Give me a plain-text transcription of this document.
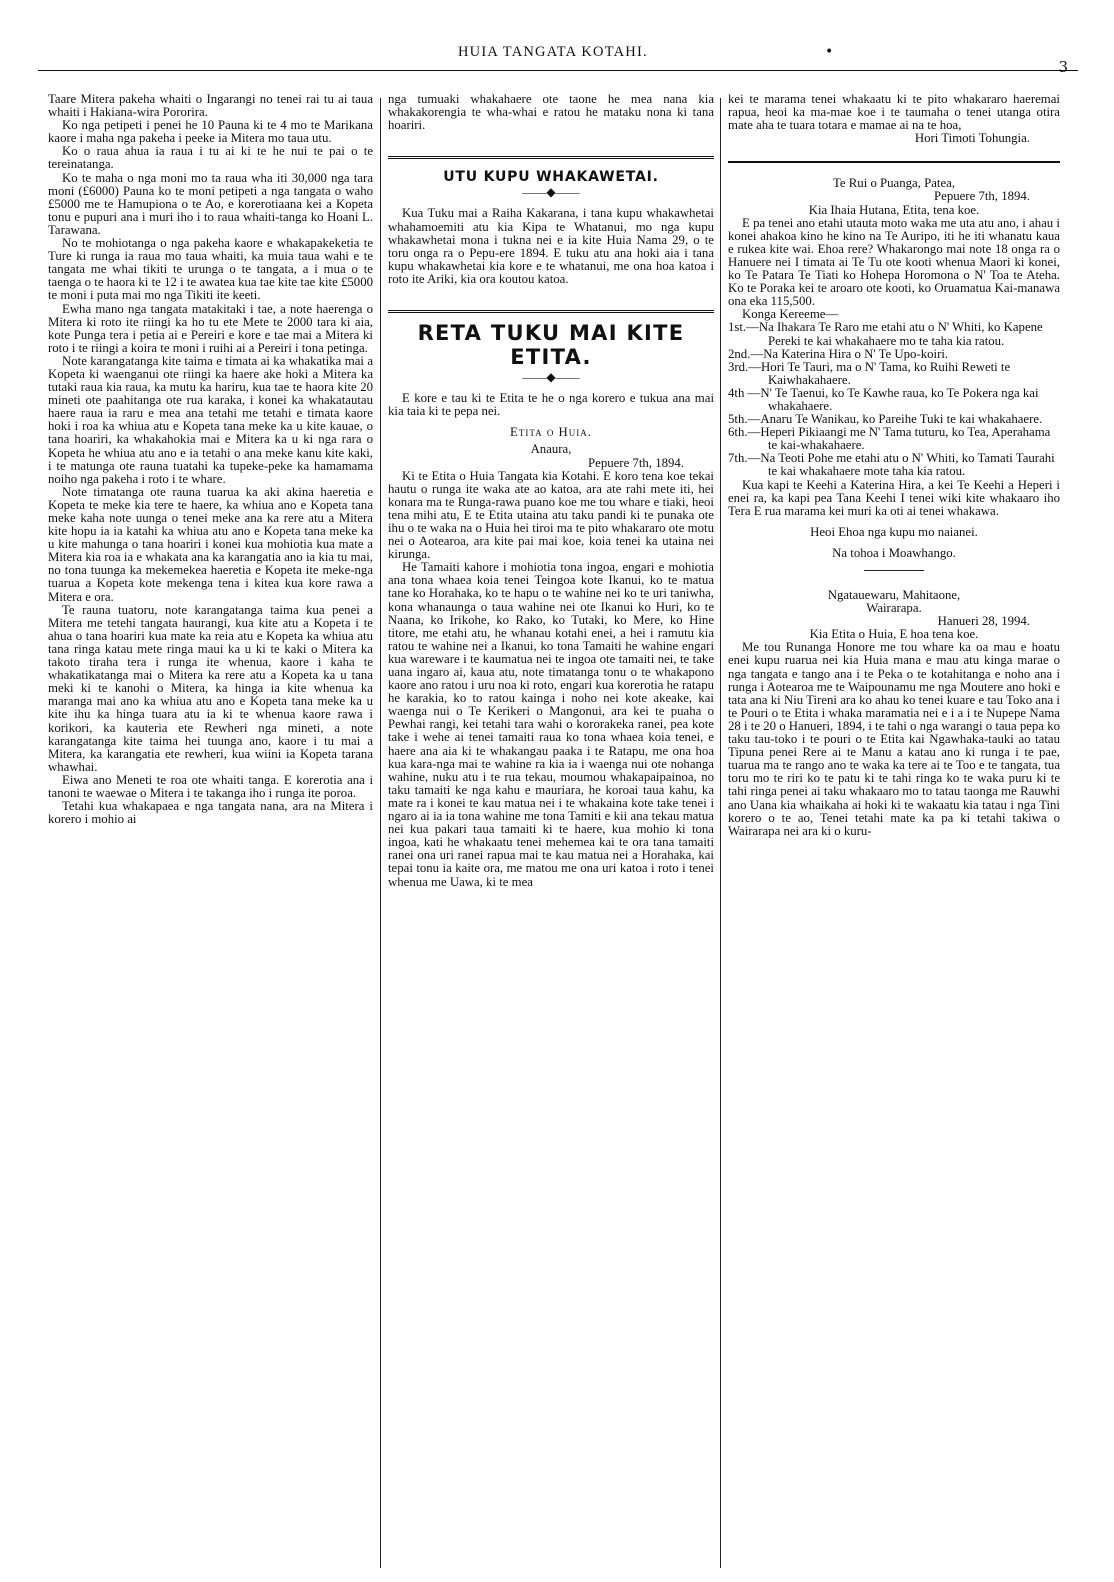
HUIA TANGATA KOTAHI.	•
3

Taare Mitera pakeha whaiti o Ingarangi no tenei rai tu ai taua whaiti i Hakiana-wira Pororira.

Ko nga petipeti i penei he 10 Pauna ki te 4 mo te Marikana kaore i maha nga pakeha i peeke ia Mitera mo taua utu.

Ko o raua ahua ia raua i tu ai ki te he nui te pai o te tereinatanga.

Ko te maha o nga moni mo ta raua wha iti 30,000 nga tara moni (£6000) Pauna ko te moni petipeti a nga tangata o waho £5000 me te Hamupiona o te Ao, e korerotiaana kei a Kopeta tonu e pupuri ana i muri iho i to raua whaiti-tanga ko Hoani L. Tarawana.

No te mohiotanga o nga pakeha kaore e whakapakeketia te Ture ki runga ia raua mo taua whaiti, ka muia taua wahi e te tangata me whai tikiti te urunga o te tangata, a i mua o te taenga o te haora ki te 12 i te awatea kua tae kite tae kite £5000 te moni i puta mai mo nga Tikiti ite keeti.

Ewha mano nga tangata matakitaki i tae, a note haerenga o Mitera ki roto ite riingi ka ho tu ete Mete te 2000 tara ki aia, kote Punga tera i petia ai e Pereiri e kore e tae mai a Mitera ki roto i te riingi a koira te moni i ruihi ai a Pereiri i tona petinga.

Note karangatanga kite taima e timata ai ka whakatika mai a Kopeta ki waenganui ote riingi ka haere ake hoki a Mitera ka tutaki raua kia raua, ka mutu ka hariru, kua tae te haora kite 20 mineti ote paahitanga ote rua karaka, i konei ka whakatautau haere raua ia raru e mea ana tetahi me tetahi e timata kaore hoki i roa ka whiua atu e Kopeta tana meke ka u kite kauae, o tana hoariri, ka whakahokia mai e Mitera ka u ki nga rara o Kopeta he whiua atu ano e ia tetahi o ana meke kanu kite kaki, i te matunga ote rauna tuatahi ka tupeke-peke ka hamamama noiho nga pakeha i roto i te whare.

Note timatanga ote rauna tuarua ka aki akina haeretia e Kopeta te meke kia tere te haere, ka whiua ano e Kopeta tana meke kaha note uunga o tenei meke ana ka rere atu a Mitera kite hopu ia ia katahi ka whiua atu ano e Kopeta tana meke ka u kite mahunga o tana hoariri i konei kua mohiotia kua mate a Mitera kia roa ia e whakata ana ka karangatia ano ia kia tu mai, no tona tuunga ka mekemekea haeretia e Kopeta ite meke-nga tuarua a Kopeta kote mekenga tena i kitea kua kore rawa a Mitera e ora.

Te rauna tuatoru, note karangatanga taima kua penei a Mitera me tetehi tangata haurangi, kua kite atu a Kopeta i te ahua o tana hoariri kua mate ka reia atu e Kopeta ka whiua atu tana ringa katau mete ringa maui ka u ki te kaki o Mitera ka takoto tiraha tera i runga ite whenua, kaore i kaha te whakatikatanga mai o Mitera ka rere atu a Kopeta ka u tana meki ki te kanohi o Mitera, ka hinga ia kite whenua ka maranga mai ano ka whiua atu ano e Kopeta tana meke ka u kite ihu ka hinga tuara atu ia ki te whenua kaore rawa i korikori, ka kauteria ete Rewheri nga mineti, a note karangatanga kite taima hei tuunga ano, kaore i tu mai a Mitera, ka karangatia ete rewheri, kua wiini ia Kopeta tarana whawhai.

Eiwa ano Meneti te roa ote whaiti tanga. E korerotia ana i tanoni te waewae o Mitera i te takanga iho i runga ite poroa.

Tetahi kua whakapaea e nga tangata nana, ara na Mitera i korero i mohio ai

nga tumuaki whakahaere ote taone he mea nana kia whakakorengia te wha-whai e ratou he mataku nona ki tana hoariri.

UTU KUPU WHAKAWETAI.
——◆——

Kua Tuku mai a Raiha Kakarana, i tana kupu whakawhetai whahamoemiti atu kia Kipa te Whatanui, mo nga kupu whakawhetai mona i tukna nei e ia kite Huia Nama 29, o te toru onga ra o Pepu-ere 1894. E tuku atu ana hoki aia i tana kupu whakawhetai kia kore e te whatanui, me ona hoa katoa i roto ite Ariki, kia ora koutou katoa.

RETA TUKU MAI KITE ETITA.
——◆——

E kore e tau ki te Etita te he o nga korero e tukua ana mai kia taia ki te pepa nei.

Etita o Huia.
Anaura,
Pepuere 7th, 1894.

Ki te Etita o Huia Tangata kia Kotahi. E koro tena koe tekai hautu o runga ite waka ate ao katoa, ara ate rahi mete iti, hei konara ma te Runga-rawa puano koe me tou whare e tiaki, heoi tena mihi atu, E te Etita utaina atu taku pandi ki te punaka ote ihu o te waka na o Huia hei tiroi ma te pito whakararo ote motu nei o Aotearoa, ara kite pai mai koe, koia tenei ka utaina nei kirunga.

He Tamaiti kahore i mohiotia tona ingoa, engari e mohiotia ana tona whaea koia tenei Teingoa kote Ikanui, ko te matua tane ko Horahaka, ko te hapu o te wahine nei ko te uri taniwha, kona whanaunga o taua wahine nei ote Ikanui ko Huri, ko te Naana, ko Irikohe, ko Rako, ko Tutaki, ko Mere, ko Hine titore, me etahi atu, he whanau kotahi enei, a hei i ramutu kia ratou te wahine nei a Ikanui, ko tona Tamaiti he wahine engari kua wareware i te kaumatua nei te ingoa ote tamaiti nei, te take uana ingaro ai, kaua atu, note timatanga tonu o te whakapono kaore ano ratou i uru noa ki roto, engari kua korerotia he ratapu he karakia, ko to ratou kainga i noho nei kote akeake, kai waenga nui o Te Kerikeri o Mangonui, ara kei te puaha o Pewhai rangi, kei tetahi tara wahi o kororakeka ranei, pea kote take i wehe ai tenei tamaiti raua ko tona whaea koia tenei, e haere ana aia ki te whakangau paaka i te Ratapu, me ona hoa kua kara-nga mai te wahine ra kia ia i waenga nui ote nohanga wahine, nuku atu i te rua tekau, moumou whakapaipainoa, no taku tamaiti ke nga kahu e mauriara, he koroai taua kahu, ka mate ra i konei te kau matua nei i te whakaina kote take tenei i ngaro ai ia ia tona wahine me tona Tamiti e kii ana tekau matua nei kua pakari taua tamaiti ki te haere, kua mohio ki tona ingoa, kati he whakaatu tenei mehemea kai te ora tana tamaiti ranei ona uri ranei rapua mai te kau matua nei a Horahaka, kai tepai tonu ia kaite ora, me matou me ona uri katoa i roto i tenei whenua me Uawa, ki te mea

kei te marama tenei whakaatu ki te pito whakararo haeremai rapua, heoi ka ma-mae koe i te taumaha o tenei utanga otira mate aha te tuara totara e mamae ai na te hoa,

Hori Timoti Tohungia.
Te Rui o Puanga, Patea,
Pepuere 7th, 1894.
Kia Ihaia Hutana, Etita, tena koe.

E pa tenei ano etahi utauta moto waka me uta atu ano, i ahau i konei ahakoa kino he kino na Te Auripo, iti he iti whanatu kaua e rukea kite wai. Ehoa rere? Whakarongo mai note 18 onga ra o Hanuere nei I timata ai Te Tu ote kooti whenua Maori ki konei, ko Te Patara Te Tiati ko Hohepa Horomona o N' Toa te Ateha. Ko te Poraka kei te aroaro ote kooti, ko Oruamatua Kai-manawa ona eka 115,500.

Konga Kereeme—
1st.—Na Ihakara Te Raro me etahi atu o N' Whiti, ko Kapene Pereki te kai whakahaere mo te taha kia ratou.
2nd.—Na Katerina Hira o N' Te Upo-koiri.
3rd.—Hori Te Tauri, ma o N' Tama, ko Ruihi Reweti te Kaiwhakahaere.
4th —N' Te Taenui, ko Te Kawhe raua, ko Te Pokera nga kai whakahaere.
5th.—Anaru Te Wanikau, ko Pareihe Tuki te kai whakahaere.
6th.—Heperi Pikiaangi me N' Tama tuturu, ko Tea, Aperahama te kai-whakahaere.
7th.—Na Teoti Pohe me etahi atu o N' Whiti, ko Tamati Taurahi te kai whakahaere mote taha kia ratou.

Kua kapi te Keehi a Katerina Hira, a kei Te Keehi a Heperi i enei ra, ka kapi pea Tana Keehi I tenei wiki kite whakaaro iho Tera E rua marama kei muri ka oti ai tenei whakawa.

Heoi Ehoa nga kupu mo naianei.
Na tohoa i Moawhango.
Ngatauewaru, Mahitaone,
Wairarapa.
Hanueri 28, 1994.
Kia Etita o Huia, E hoa tena koe.

Me tou Runanga Honore me tou whare ka oa mau e hoatu enei kupu ruarua nei kia Huia mana e mau atu kinga marae o nga tangata e tango ana i te Peka o te kotahitanga e noho ana i runga i Aotearoa me te Waipounamu me nga Moutere ano hoki e tata ana ki Niu Tireni ara ko ahau ko tenei kuare e tau Toko ana i te Pouri o te Etita i whaka maramatia nei e i a i te Nupepe Nama 28 i te 20 o Hanueri, 1894, i te tahi o nga warangi o taua pepa ko taku tau-toko i te pouri o te Etita kai Ngawhaka-tauki ao tatau Tipuna penei Rere ai te Manu a katau ano ki runga i te pae, tuarua ma te rango ano te waka ka tere ai te Too e te tangata, tua toru mo te riri ko te patu ki te tahi ringa ko te waka puru ki te tahi ringa penei ai taku whakaaro mo to tatau taonga me Rauwhi ano Uana kia whaikaha ai hoki ki te wakaatu kia tatau i nga Tini korero o te ao, Tenei tetahi mate ka pa ki tetahi takiwa o Wairarapa nei ara ki o kuru-
